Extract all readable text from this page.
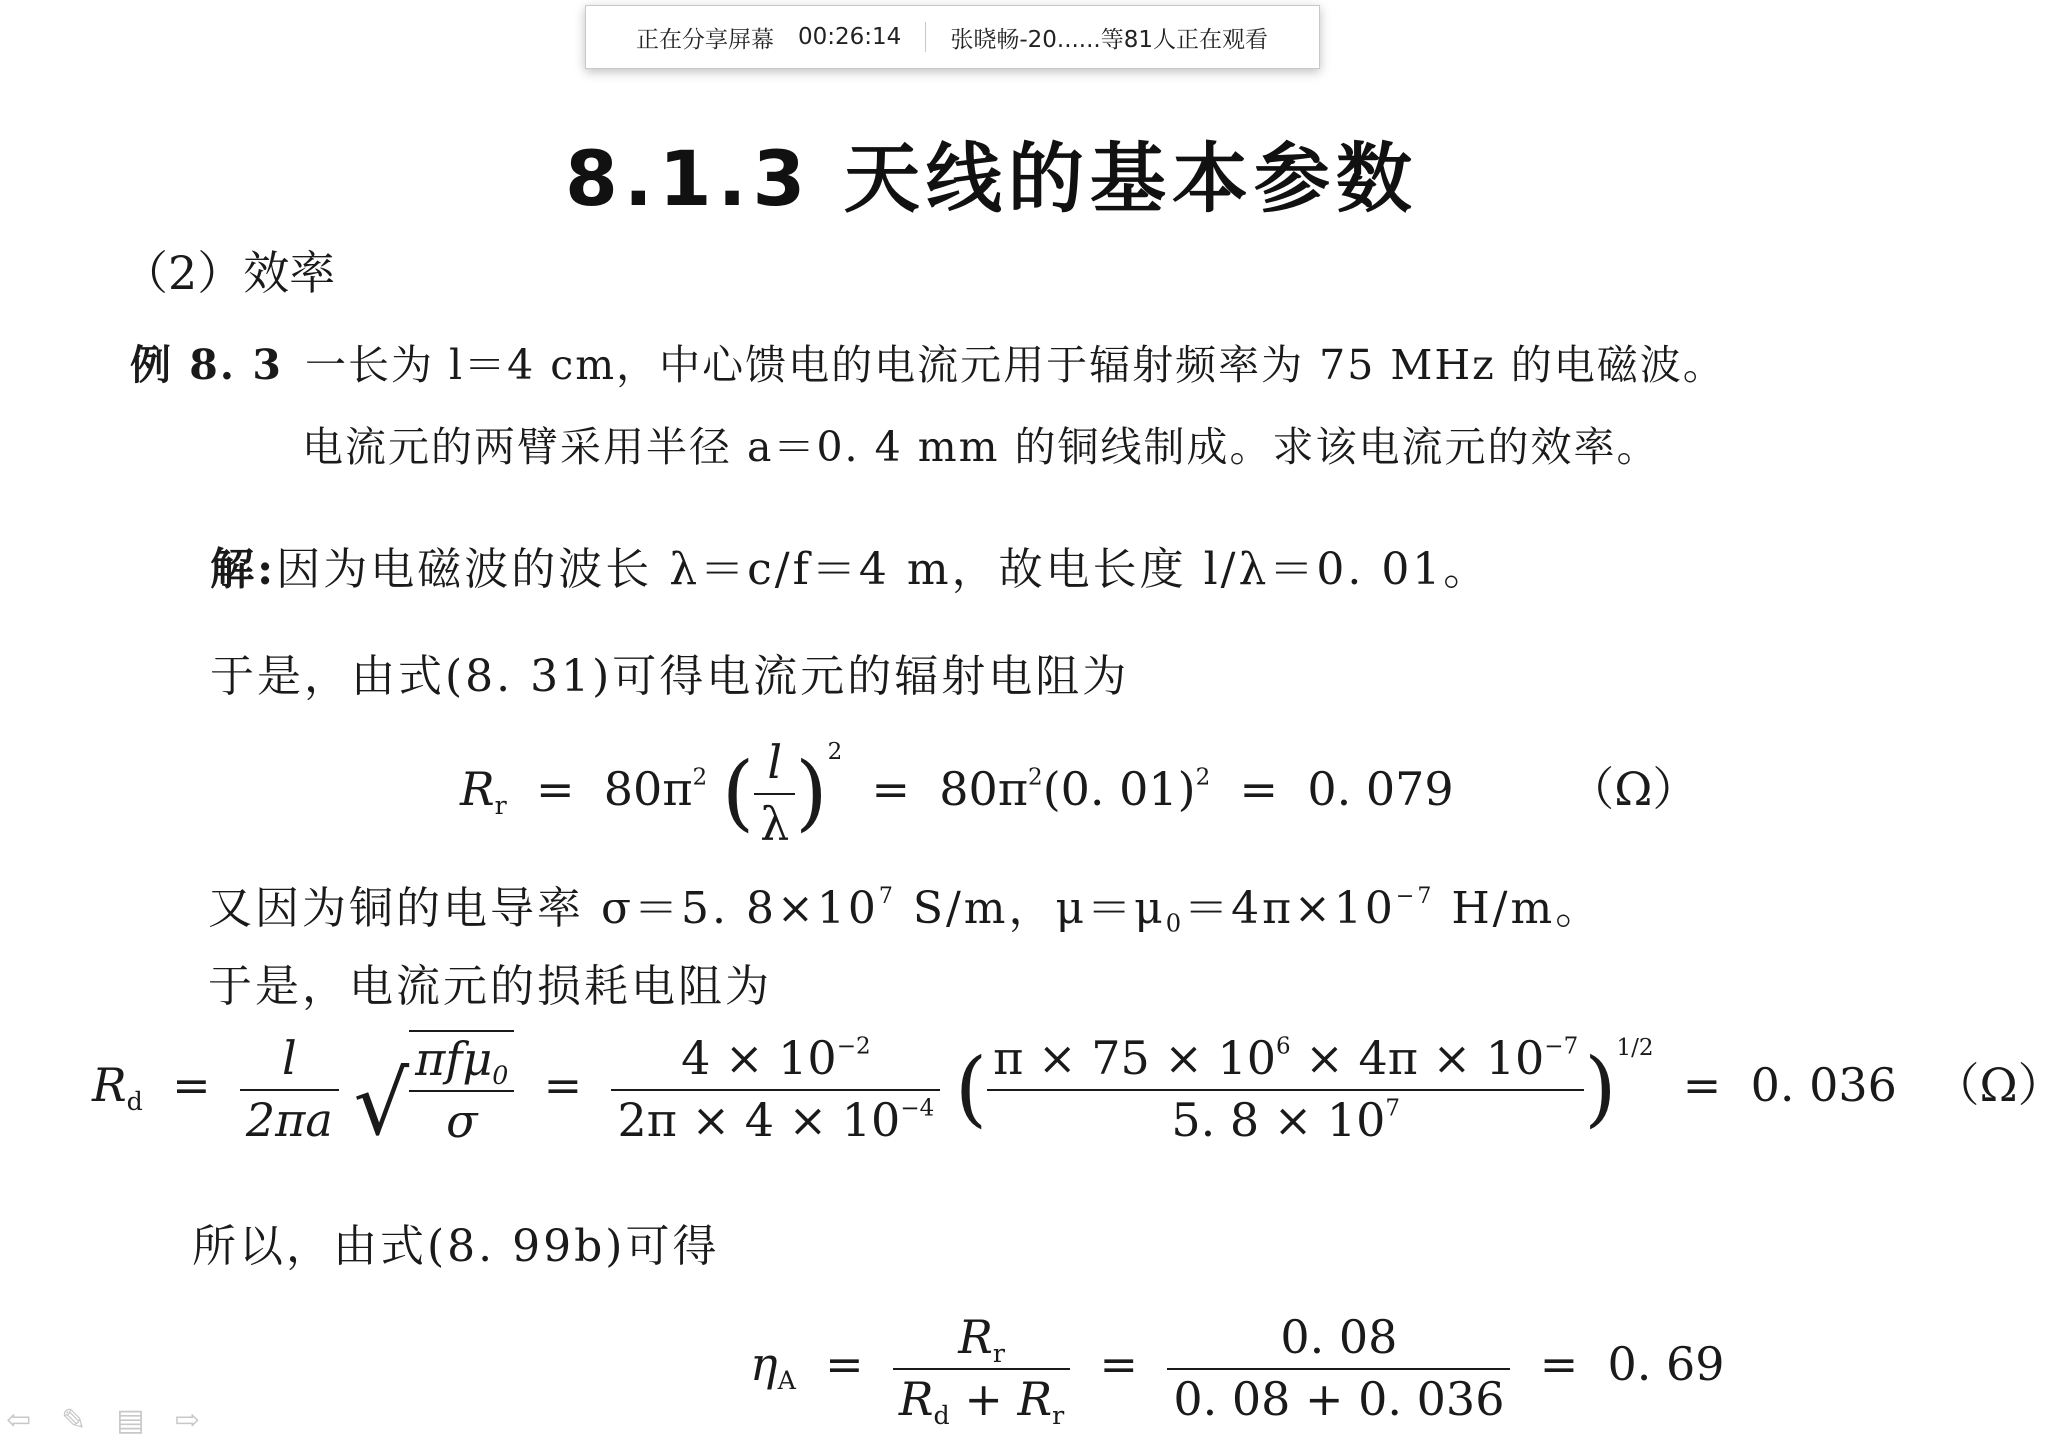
正在分享屏幕 00:26:14 张晓畅-20......等81人正在观看
8.1.3 天线的基本参数
（2）效率
例 8. 3 一长为 l＝4 cm，中心馈电的电流元用于辐射频率为 75 MHz 的电磁波。
电流元的两臂采用半径 a＝0. 4 mm 的铜线制成。求该电流元的效率。
解:因为电磁波的波长 λ＝c/f＝4 m，故电长度 l/λ＝0. 01。
于是，由式(8. 31)可得电流元的辐射电阻为
$R_r = 80\pi^2$ ( $\frac{l}{\lambda} )^2 = 80\pi^2(0$. 01)$^2$ = 0. 079 （Ω）
又因为铜的电导率 σ＝5. $8\times 10^7$ S/m，$\mu=\mu_0=4\pi\times 10^{-7}$ H/m。
于是，电流元的损耗电阻为
$R_d = \frac{l}{2\pi a}$
√ $\frac{\pi f\mu_0}{\sigma} = \frac{4 \times 10^{-2}}{2\pi \times 4 \times 10^{-4}}$ ( $\frac{\pi \times 75 \times 10^6 \times 4\pi \times 10^{-7}}{5. 8 \times 10^7} )^{1/2} = 0$. 036 （Ω）
所以，由式(8. 99b)可得
$\eta_A = \frac{R_r}{R_d + R_r} = \frac{0. 08}{0. 08 + 0. 036} = 0$. 69
⇦ ✎ ▤ ⇨
